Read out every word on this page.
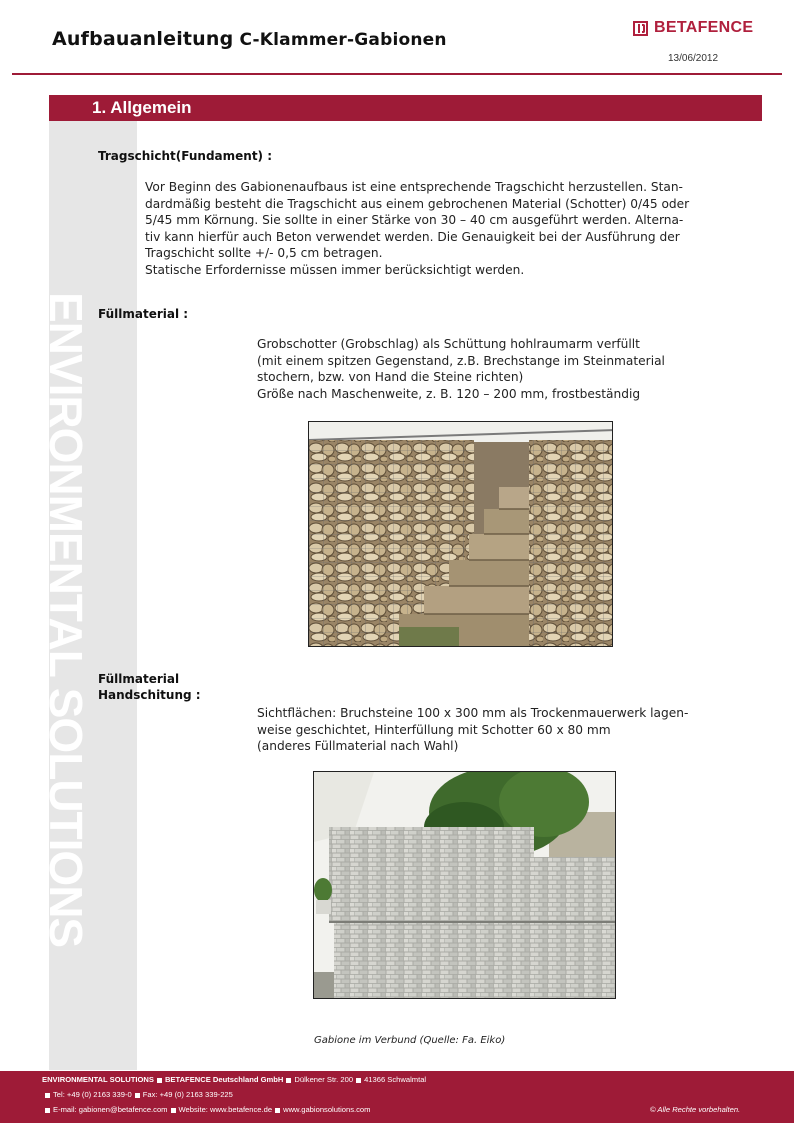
Aufbauanleitung C-Klammer-Gabionen
BETAFENCE
13/06/2012
ENVIRONMENTAL SOLUTIONS
1. Allgemein
Tragschicht(Fundament) :
Vor Beginn des Gabionenaufbaus ist eine entsprechende Tragschicht herzustellen. Stan-
dardmäßig besteht die Tragschicht aus einem gebrochenen Material (Schotter) 0/45 oder
5/45 mm Körnung. Sie sollte in einer Stärke von 30 – 40 cm ausgeführt werden. Alterna-
tiv kann hierfür auch Beton verwendet werden. Die Genauigkeit bei der Ausführung der
Tragschicht sollte +/- 0,5 cm betragen.
Statische Erfordernisse müssen immer berücksichtigt werden.
Füllmaterial :
Grobschotter (Grobschlag) als Schüttung hohlraumarm verfüllt
(mit einem spitzen Gegenstand, z.B. Brechstange im Steinmaterial
stochern, bzw. von Hand die Steine richten)
Größe nach Maschenweite, z. B. 120 – 200 mm, frostbeständig
Füllmaterial
Handschitung :
Sichtflächen: Bruchsteine 100 x 300 mm als Trockenmauerwerk lagen-
weise geschichtet, Hinterfüllung mit Schotter 60 x 80 mm
(anderes Füllmaterial nach Wahl)
Gabione im Verbund (Quelle: Fa. Eiko)
ENVIRONMENTAL SOLUTIONS BETAFENCE Deutschland GmbH Dülkener Str. 200 41366 Schwalmtal
Tel: +49 (0) 2163 339-0 Fax: +49 (0) 2163 339-225
E-mail: gabionen@betafence.com Website: www.betafence.de www.gabionsolutions.com	© Alle Rechte vorbehalten.
